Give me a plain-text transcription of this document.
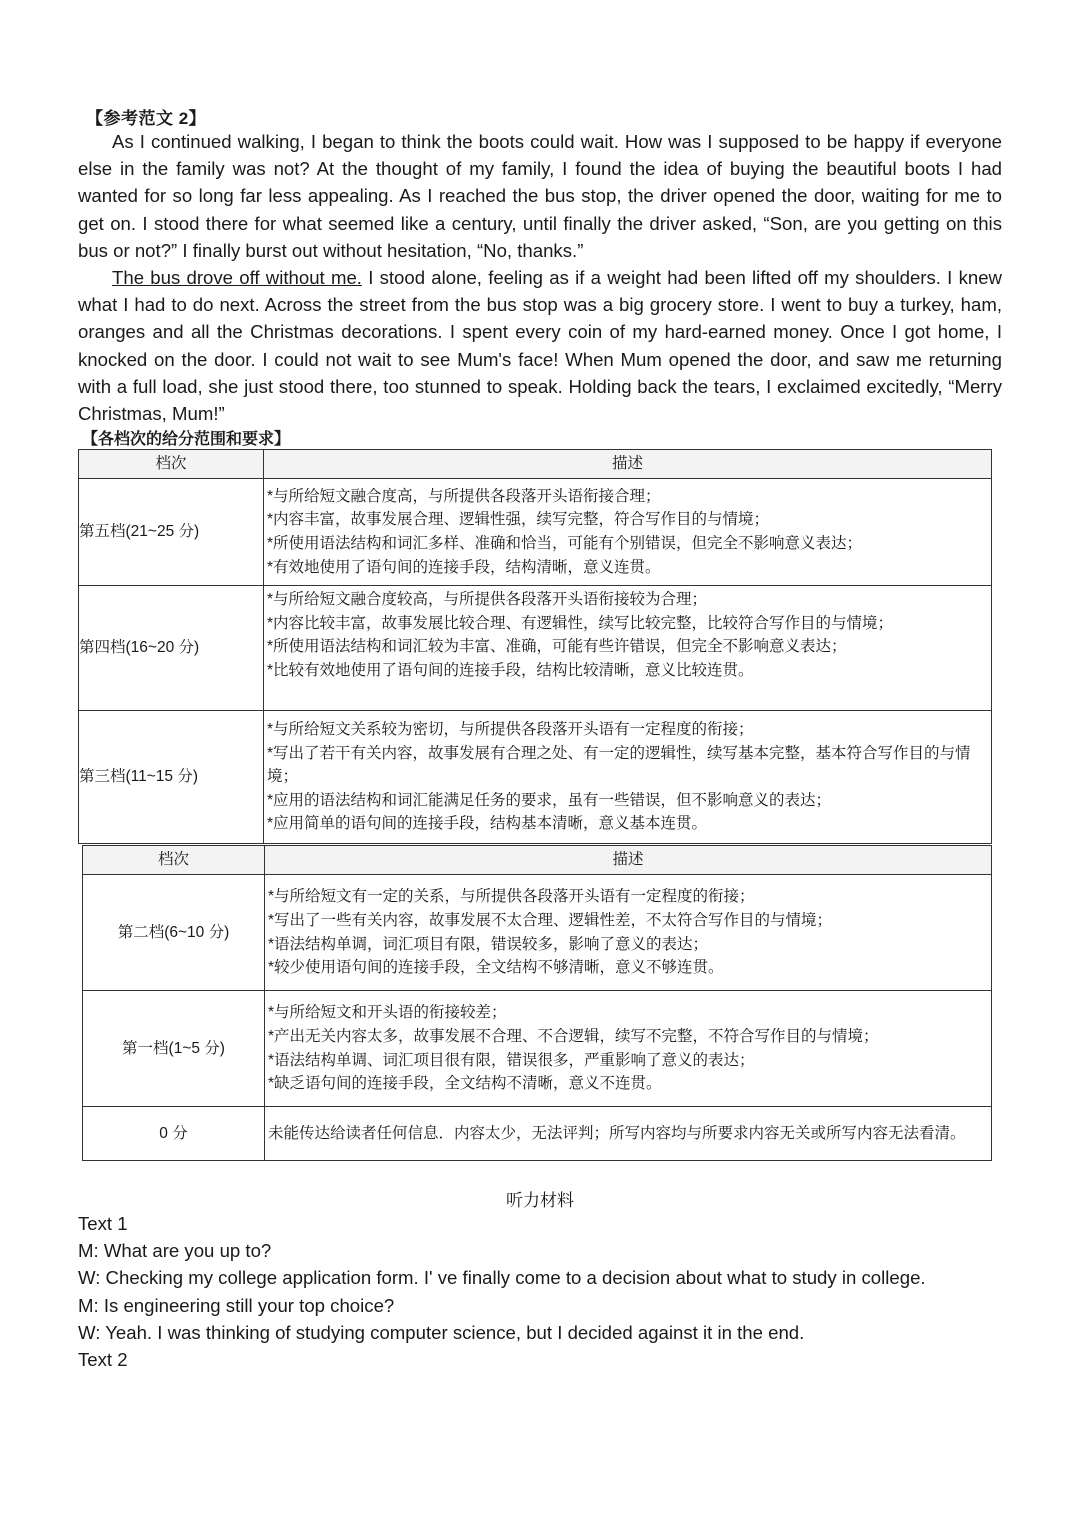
【参考范文 2】

As I continued walking, I began to think the boots could wait. How was I supposed to be happy if everyone else in the family was not? At the thought of my family, I found the idea of buying the beautiful boots I had wanted for so long far less appealing. As I reached the bus stop, the driver opened the door, waiting for me to get on. I stood there for what seemed like a century, until finally the driver asked, “Son, are you getting on this bus or not?” I finally burst out without hesitation, “No, thanks.”

The bus drove off without me. I stood alone, feeling as if a weight had been lifted off my shoulders. I knew what I had to do next. Across the street from the bus stop was a big grocery store. I went to buy a turkey, ham, oranges and all the Christmas decorations. I spent every coin of my hard-earned money. Once I got home, I knocked on the door. I could not wait to see Mum's face! When Mum opened the door, and saw me returning with a full load, she just stood there, too stunned to speak. Holding back the tears, I exclaimed excitedly, “Merry Christmas, Mum!”

【各档次的给分范围和要求】
档次	描述
第五档(21~25 分)	*与所给短文融合度高，与所提供各段落开头语衔接合理；
*内容丰富，故事发展合理、逻辑性强，续写完整，符合写作目的与情境；
*所使用语法结构和词汇多样、准确和恰当，可能有个别错误，但完全不影响意义表达；
*有效地使用了语句间的连接手段，结构清晰，意义连贯。

第四档(16~20 分)	*与所给短文融合度较高，与所提供各段落开头语衔接较为合理；
*内容比较丰富，故事发展比较合理、有逻辑性，续写比较完整，比较符合写作目的与情境；
*所使用语法结构和词汇较为丰富、准确，可能有些许错误，但完全不影响意义表达；
*比较有效地使用了语句间的连接手段，结构比较清晰，意义比较连贯。

第三档(11~15 分)	*与所给短文关系较为密切，与所提供各段落开头语有一定程度的衔接；
*写出了若干有关内容，故事发展有合理之处、有一定的逻辑性，续写基本完整，基本符合写作目的与情境；
*应用的语法结构和词汇能满足任务的要求，虽有一些错误，但不影响意义的表达；
*应用简单的语句间的连接手段，结构基本清晰，意义基本连贯。
档次	描述
第二档(6~10 分)	*与所给短文有一定的关系，与所提供各段落开头语有一定程度的衔接；
*写出了一些有关内容，故事发展不太合理、逻辑性差，不太符合写作目的与情境；
*语法结构单调，词汇项目有限，错误较多，影响了意义的表达；
*较少使用语句间的连接手段，全文结构不够清晰，意义不够连贯。

第一档(1~5 分)	*与所给短文和开头语的衔接较差；
*产出无关内容太多，故事发展不合理、不合逻辑，续写不完整，不符合写作目的与情境；
*语法结构单调、词汇项目很有限，错误很多，严重影响了意义的表达；
*缺乏语句间的连接手段，全文结构不清晰，意义不连贯。

0 分	未能传达给读者任何信息．内容太少，无法评判；所写内容均与所要求内容无关或所写内容无法看清。
听力材料
Text 1
M: What are you up to?
W: Checking my college application form. I' ve finally come to a decision about what to study in college.
M: Is engineering still your top choice?
W: Yeah. I was thinking of studying computer science, but I decided against it in the end.
Text 2
